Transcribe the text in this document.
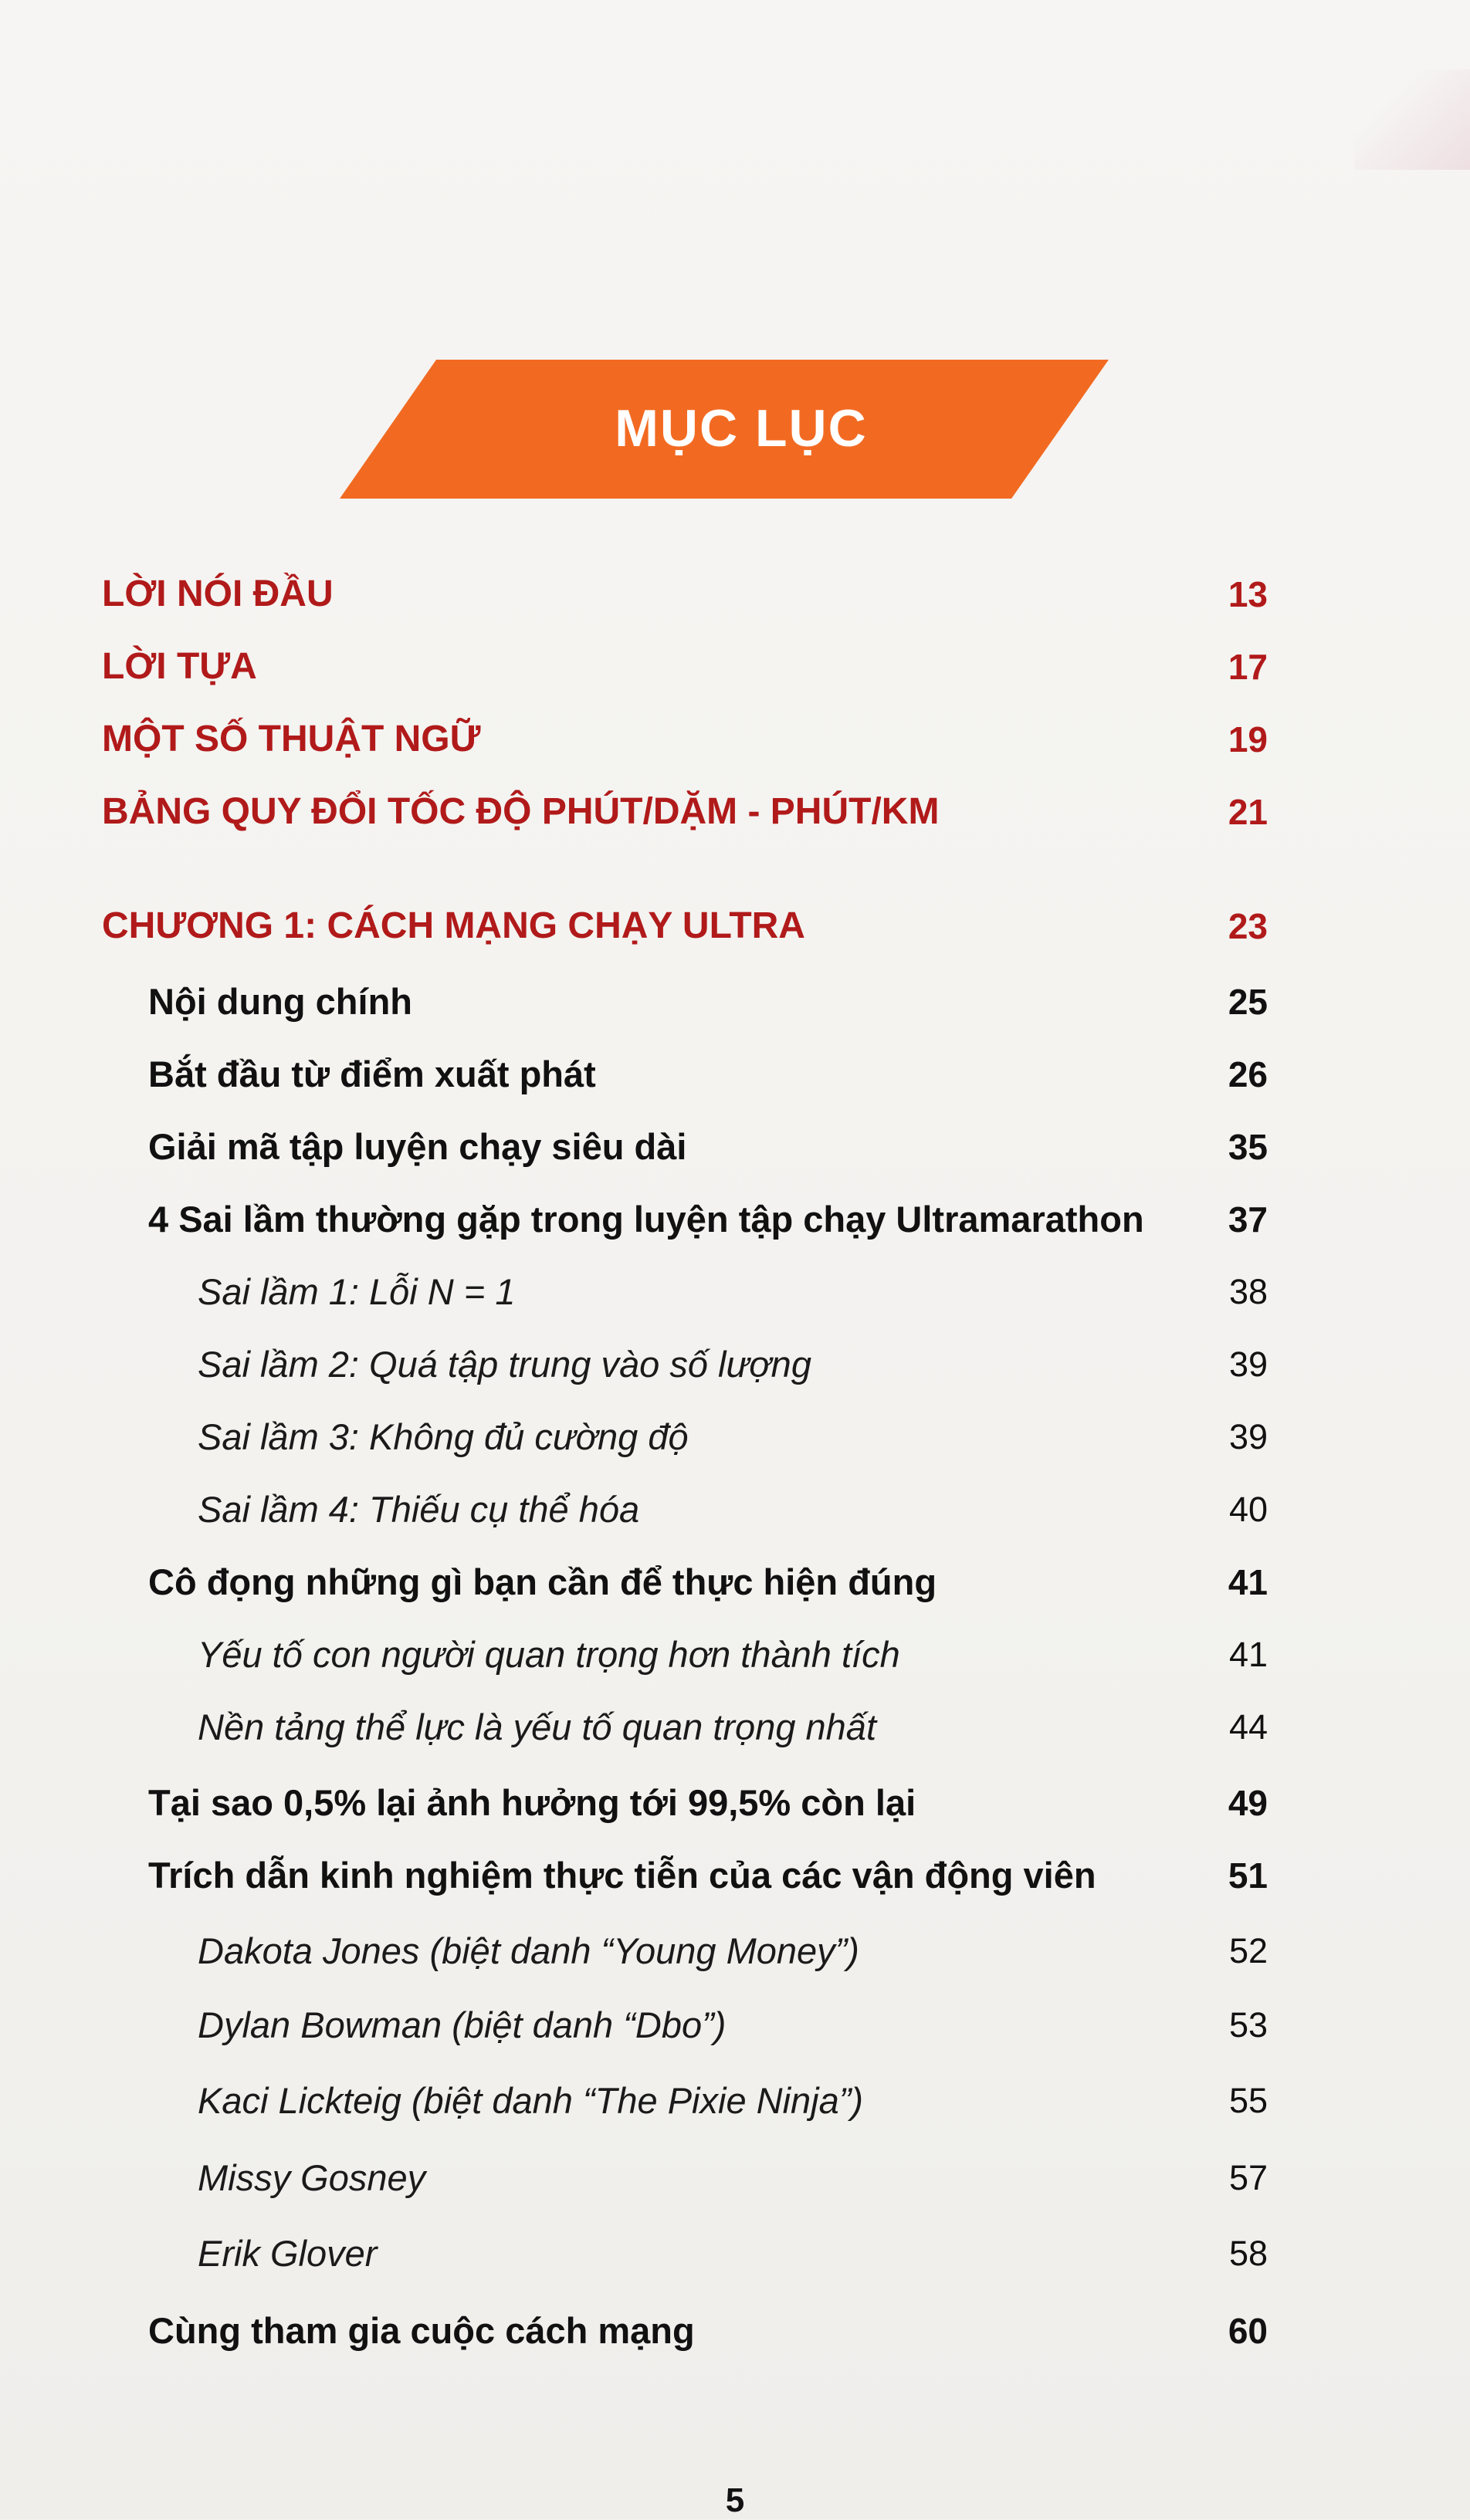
MỤC LỤC
LỜI NÓI ĐẦU	13
LỜI TỰA	17
MỘT SỐ THUẬT NGỮ	19
BẢNG QUY ĐỔI TỐC ĐỘ PHÚT/DẶM - PHÚT/KM	21
CHƯƠNG 1: CÁCH MẠNG CHẠY ULTRA	23
Nội dung chính	25
Bắt đầu từ điểm xuất phát	26
Giải mã tập luyện chạy siêu dài	35
4 Sai lầm thường gặp trong luyện tập chạy Ultramarathon 37
Sai lầm 1: Lỗi N = 1	38
Sai lầm 2: Quá tập trung vào số lượng	39
Sai lầm 3: Không đủ cường độ	39
Sai lầm 4: Thiếu cụ thể hóa	40
Cô đọng những gì bạn cần để thực hiện đúng	41
Yếu tố con người quan trọng hơn thành tích	41
Nền tảng thể lực là yếu tố quan trọng nhất	44
Tại sao 0,5% lại ảnh hưởng tới 99,5% còn lại	49
Trích dẫn kinh nghiệm thực tiễn của các vận động viên	51
Dakota Jones (biệt danh “Young Money”)	52
Dylan Bowman (biệt danh “Dbo”)	53
Kaci Lickteig (biệt danh “The Pixie Ninja”)	55
Missy Gosney	57
Erik Glover	58
Cùng tham gia cuộc cách mạng	60
5
